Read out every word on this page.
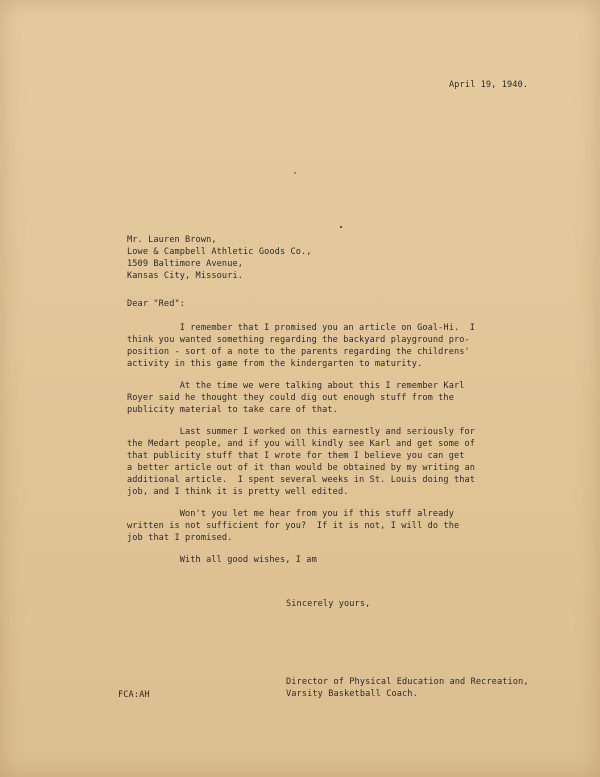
April 19, 1940.

Mr. Lauren Brown,

Lowe & Campbell Athletic Goods Co.,

1509 Baltimore Avenue,

Kansas City, Missouri.

Dear "Red":

I remember that I promised you an article on Goal-Hi.  I

think you wanted something regarding the backyard playground pro-

position - sort of a note to the parents regarding the childrens'

activity in this game from the kindergarten to maturity.

At the time we were talking about this I remember Karl

Royer said he thought they could dig out enough stuff from the

publicity material to take care of that.

Last summer I worked on this earnestly and seriously for

the Medart people, and if you will kindly see Karl and get some of

that publicity stuff that I wrote for them I believe you can get

a better article out of it than would be obtained by my writing an

additional article.  I spent several weeks in St. Louis doing that

job, and I think it is pretty well edited.

Won't you let me hear from you if this stuff already

written is not sufficient for you?  If it is not, I will do the

job that I promised.

With all good wishes, I am

Sincerely yours,

Director of Physical Education and Recreation,

Varsity Basketball Coach.

FCA:AH
